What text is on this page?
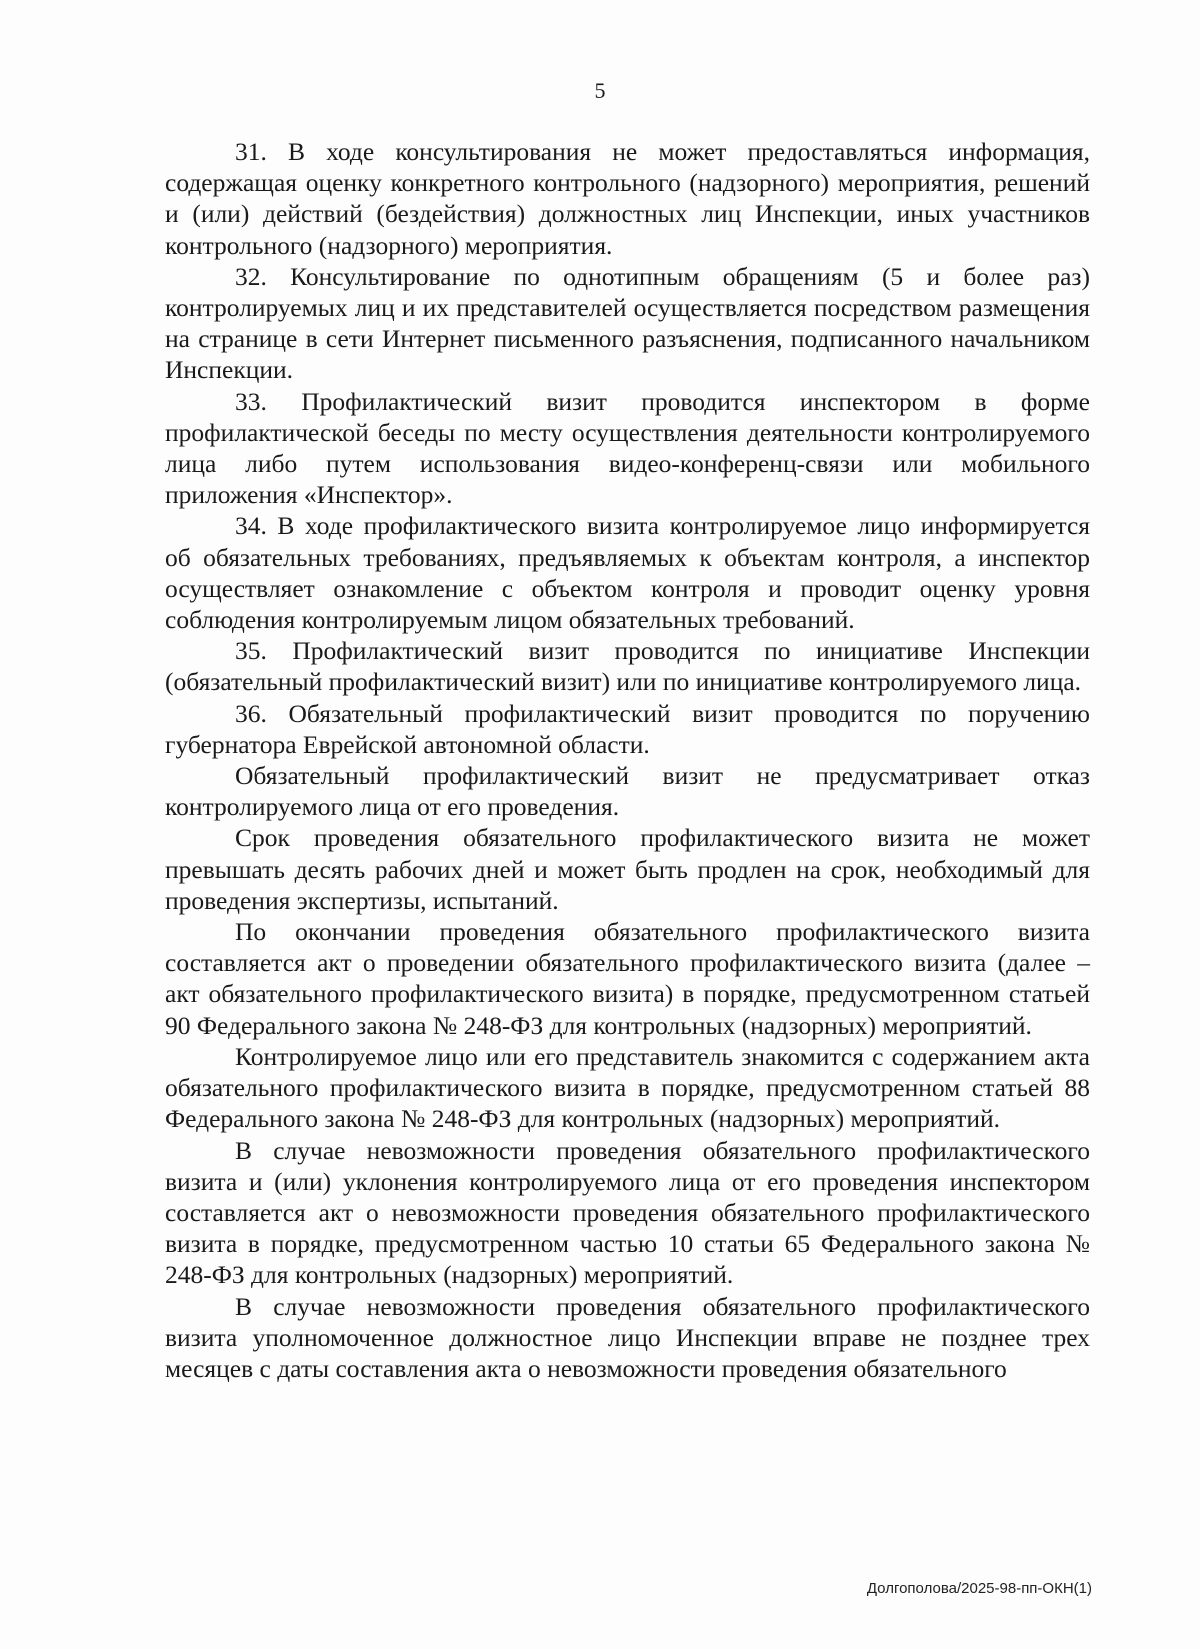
5

31. В ходе консультирования не может предоставляться информация, содержащая оценку конкретного контрольного (надзорного) мероприятия, решений и (или) действий (бездействия) должностных лиц Инспекции, иных участников контрольного (надзорного) мероприятия.

32. Консультирование по однотипным обращениям (5 и более раз) контролируемых лиц и их представителей осуществляется посредством размещения на странице в сети Интернет письменного разъяснения, подписанного начальником Инспекции.

33. Профилактический визит проводится инспектором в форме профилактической беседы по месту осуществления деятельности контролируемого лица либо путем использования видео-конференц-связи или мобильного приложения «Инспектор».

34. В ходе профилактического визита контролируемое лицо информируется об обязательных требованиях, предъявляемых к объектам контроля, а инспектор осуществляет ознакомление с объектом контроля и проводит оценку уровня соблюдения контролируемым лицом обязательных требований.

35. Профилактический визит проводится по инициативе Инспекции (обязательный профилактический визит) или по инициативе контролируемого лица.

36. Обязательный профилактический визит проводится по поручению губернатора Еврейской автономной области.

Обязательный профилактический визит не предусматривает отказ контролируемого лица от его проведения.

Срок проведения обязательного профилактического визита не может превышать десять рабочих дней и может быть продлен на срок, необходимый для проведения экспертизы, испытаний.

По окончании проведения обязательного профилактического визита составляется акт о проведении обязательного профилактического визита (далее – акт обязательного профилактического визита) в порядке, предусмотренном статьей 90 Федерального закона № 248-ФЗ для контрольных (надзорных) мероприятий.

Контролируемое лицо или его представитель знакомится с содержанием акта обязательного профилактического визита в порядке, предусмотренном статьей 88 Федерального закона № 248-ФЗ для контрольных (надзорных) мероприятий.

В случае невозможности проведения обязательного профилактического визита и (или) уклонения контролируемого лица от его проведения инспектором составляется акт о невозможности проведения обязательного профилактического визита в порядке, предусмотренном частью 10 статьи 65 Федерального закона № 248-ФЗ для контрольных (надзорных) мероприятий.

В случае невозможности проведения обязательного профилактического визита уполномоченное должностное лицо Инспекции вправе не позднее трех месяцев с даты составления акта о невозможности проведения обязательного

Долгополова/2025-98-пп-ОКН(1)
